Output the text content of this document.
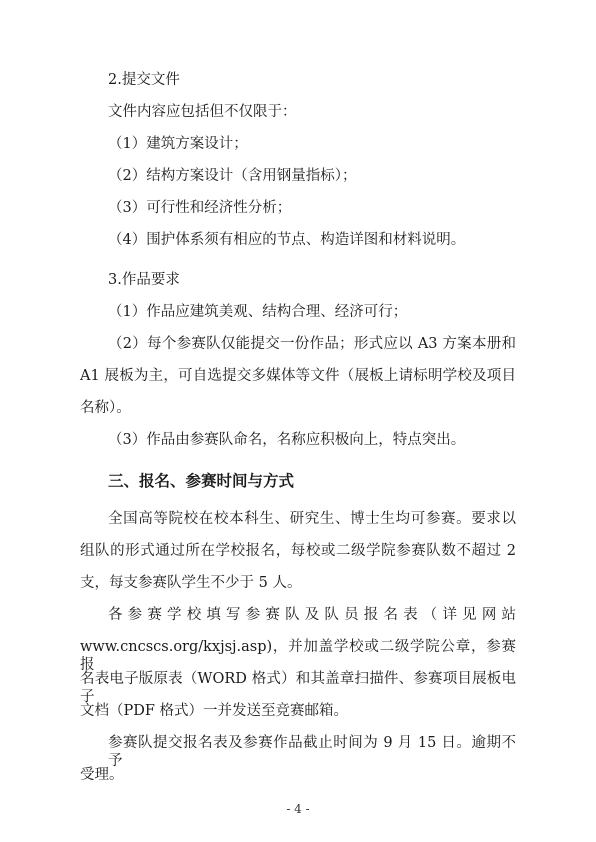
2.提交文件
文件内容应包括但不仅限于：
（1）建筑方案设计；
（2）结构方案设计（含用钢量指标）；
（3）可行性和经济性分析；
（4）围护体系须有相应的节点、构造详图和材料说明。
3.作品要求
（1）作品应建筑美观、结构合理、经济可行；
（2）每个参赛队仅能提交一份作品；形式应以 A3 方案本册和
A1 展板为主，可自选提交多媒体等文件（展板上请标明学校及项目
名称）。
（3）作品由参赛队命名，名称应积极向上，特点突出。
三、报名、参赛时间与方式
全国高等院校在校本科生、研究生、博士生均可参赛。要求以
组队的形式通过所在学校报名，每校或二级学院参赛队数不超过 2
支，每支参赛队学生不少于 5 人。
各参赛学校填写参赛队及队员报名表（详见网站
www.cncscs.org/kxjsj.asp)，并加盖学校或二级学院公章，参赛报
名表电子版原表（WORD 格式）和其盖章扫描件、参赛项目展板电子
文档（PDF 格式）一并发送至竞赛邮箱。
参赛队提交报名表及参赛作品截止时间为 9 月 15 日。逾期不予
受理。
- 4 -
